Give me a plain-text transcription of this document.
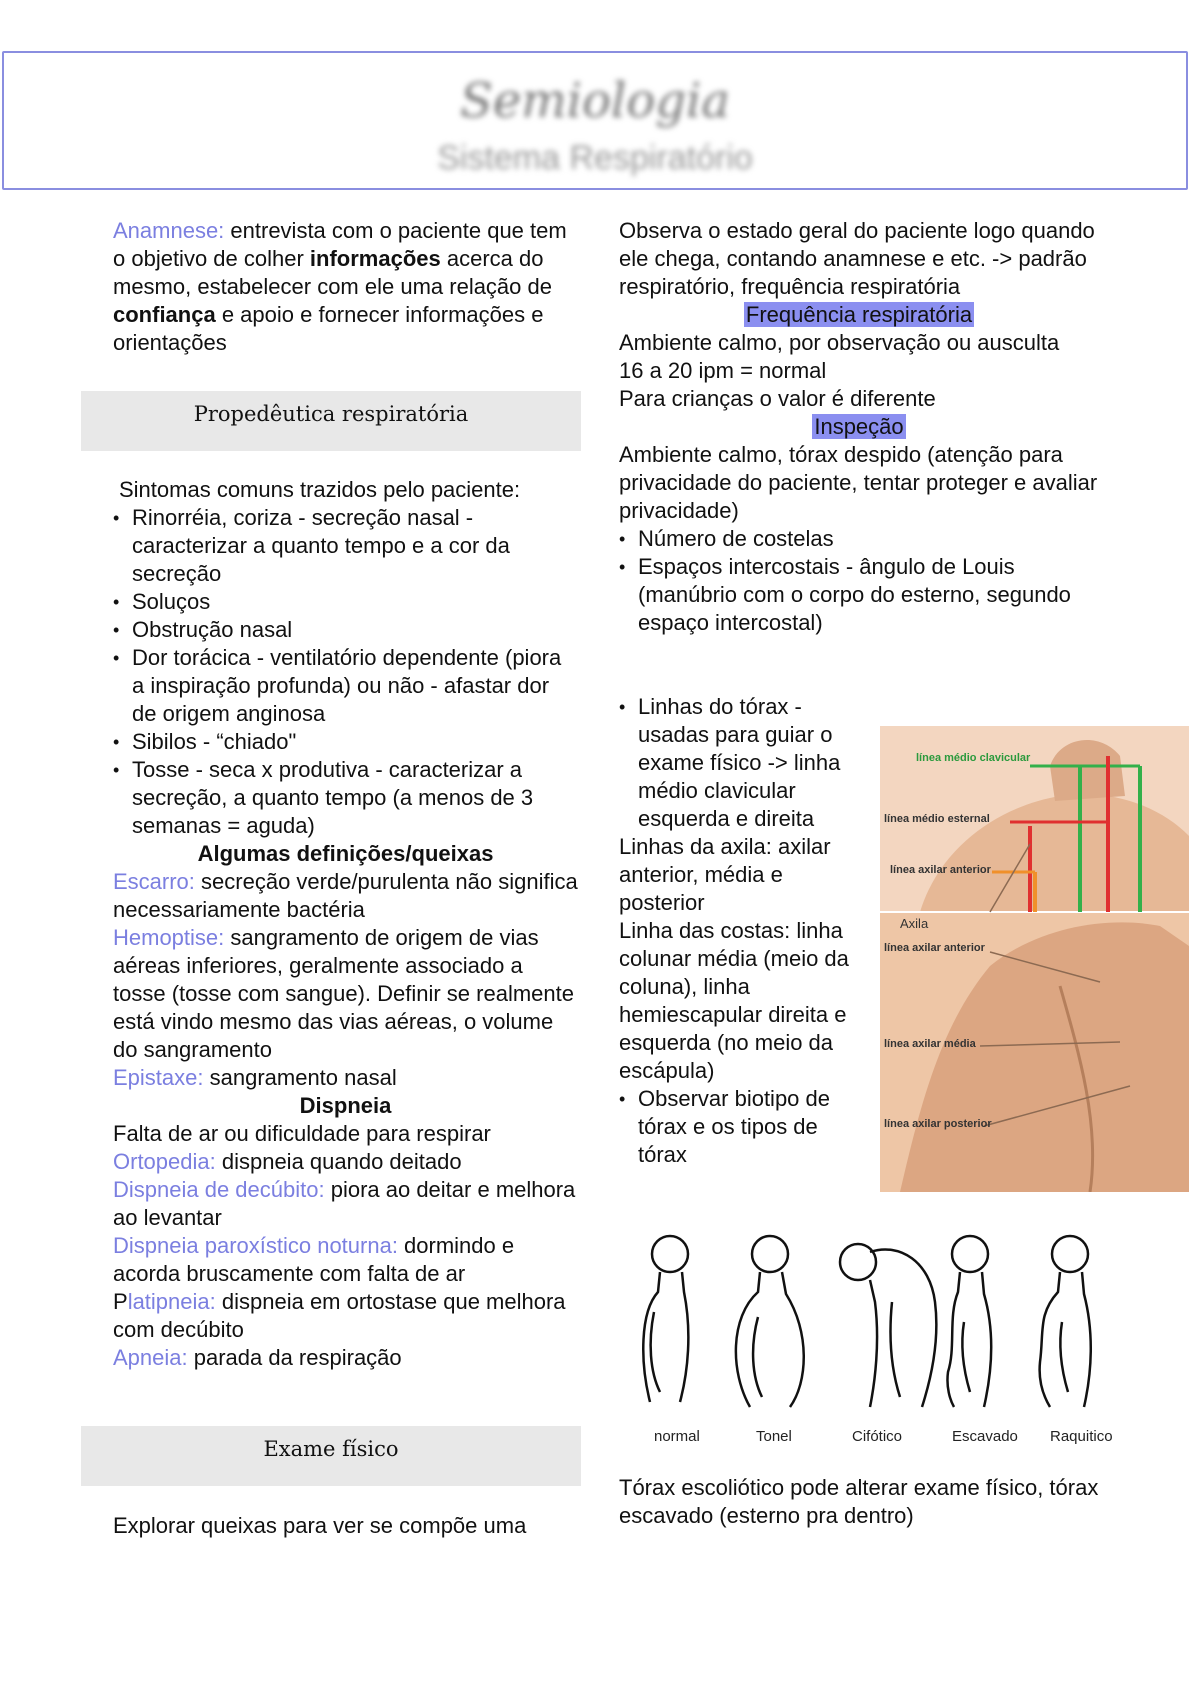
Semiologia
Sistema Respiratório
Anamnese: entrevista com o paciente que tem o objetivo de colher informações acerca do mesmo, estabelecer com ele uma relação de confiança e apoio e fornecer informações e orientações
Propedêutica respiratória
Sintomas comuns trazidos pelo paciente:
• Rinorréia, coriza - secreção nasal - caracterizar a quanto tempo e a cor da secreção
• Soluços
• Obstrução nasal
• Dor torácica - ventilatório dependente (piora a inspiração profunda) ou não - afastar dor de origem anginosa
• Sibilos - “chiado"
• Tosse - seca x produtiva - caracterizar a secreção, a quanto tempo (a menos de 3 semanas = aguda)
Algumas definições/queixas
Escarro: secreção verde/purulenta não significa necessariamente bactéria
Hemoptise: sangramento de origem de vias aéreas inferiores, geralmente associado a tosse (tosse com sangue). Definir se realmente está vindo mesmo das vias aéreas, o volume do sangramento
Epistaxe: sangramento nasal
Dispneia
Falta de ar ou dificuldade para respirar
Ortopedia: dispneia quando deitado
Dispneia de decúbito: piora ao deitar e melhora ao levantar
Dispneia paroxístico noturna: dormindo e acorda bruscamente com falta de ar
Platipneia: dispneia em ortostase que melhora com decúbito
Apneia: parada da respiração
Exame físico
Explorar queixas para ver se compõe uma
Observa o estado geral do paciente logo quando ele chega, contando anamnese e etc. -> padrão respiratório, frequência respiratória
Frequência respiratória
Ambiente calmo, por observação ou ausculta
16 a 20 ipm = normal
Para crianças o valor é diferente
Inspeção
Ambiente calmo, tórax despido (atenção para privacidade do paciente, tentar proteger e avaliar privacidade)
• Número de costelas
• Espaços intercostais - ângulo de Louis (manúbrio com o corpo do esterno, segundo espaço intercostal)
• Linhas do tórax - usadas para guiar o exame físico -> linha médio clavicular esquerda e direita
Linhas da axila: axilar anterior, média e posterior
Linha das costas: linha colunar média (meio da coluna), linha hemiescapular direita e esquerda (no meio da escápula)
• Observar biotipo de tórax e os tipos de tórax
línea médio clavicular
línea médio esternal
línea axilar anterior
Axila
línea axilar anterior
línea axilar média
línea axilar posterior
normal	Tonel	Cifótico	Escavado Raquitico
Tórax escoliótico pode alterar exame físico, tórax escavado (esterno pra dentro)
